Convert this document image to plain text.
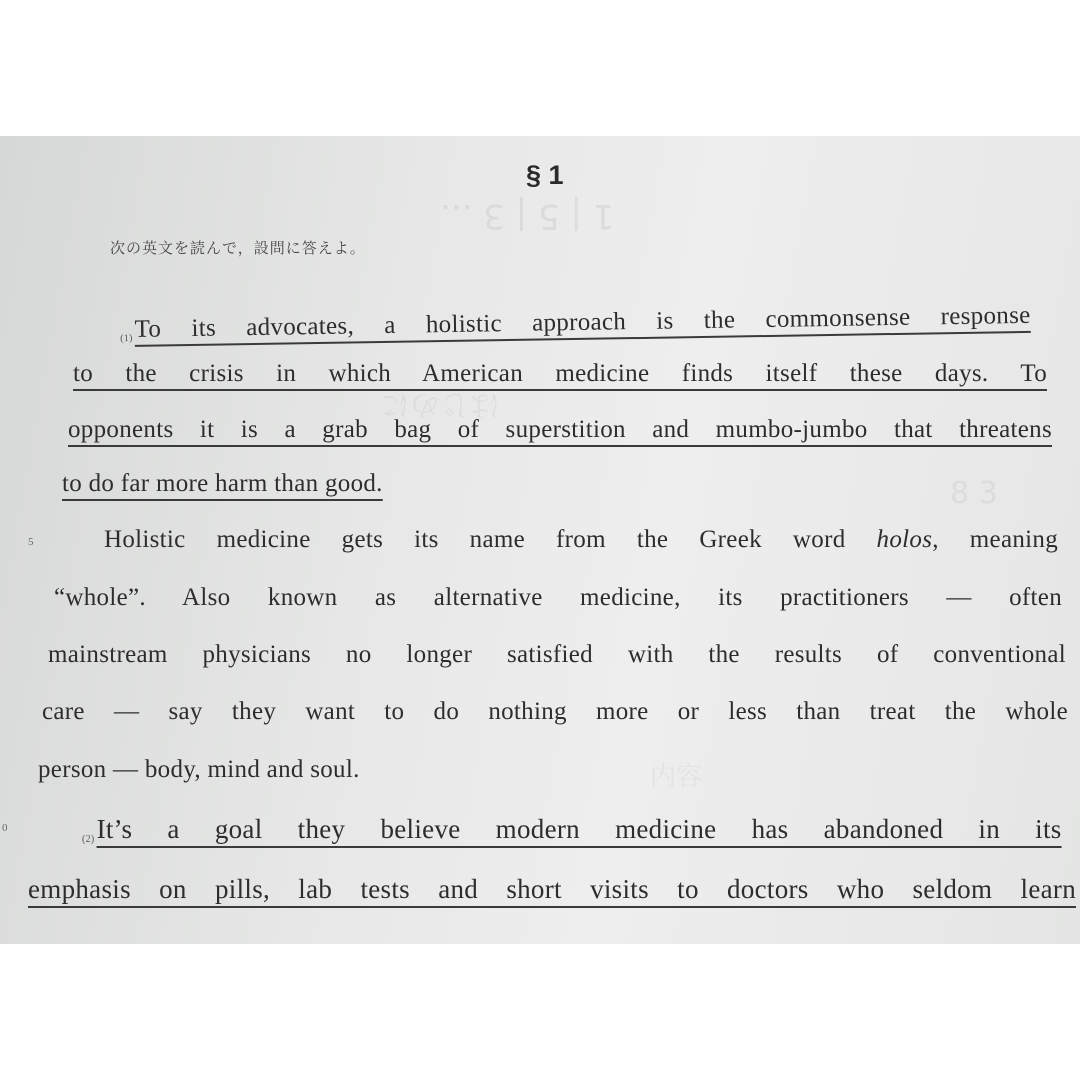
1 | 5 | 3 ...
はじめに
8 3
内容
§ 1
次の英文を読んで，設問に答えよ。
(1)To its advocates, a holistic approach is the commonsense response
to the crisis in which American medicine finds itself these days. To
opponents it is a grab bag of superstition and mumbo-jumbo that threatens
to do far more harm than good.
5	Holistic medicine gets its name from the Greek word holos, meaning
“whole”. Also known as alternative medicine, its practitioners — often
mainstream physicians no longer satisfied with the results of conventional
care — say they want to do nothing more or less than treat the whole
person — body, mind and soul.
0
(2)It’s a goal they believe modern medicine has abandoned in its
emphasis on pills, lab tests and short visits to doctors who seldom learn
